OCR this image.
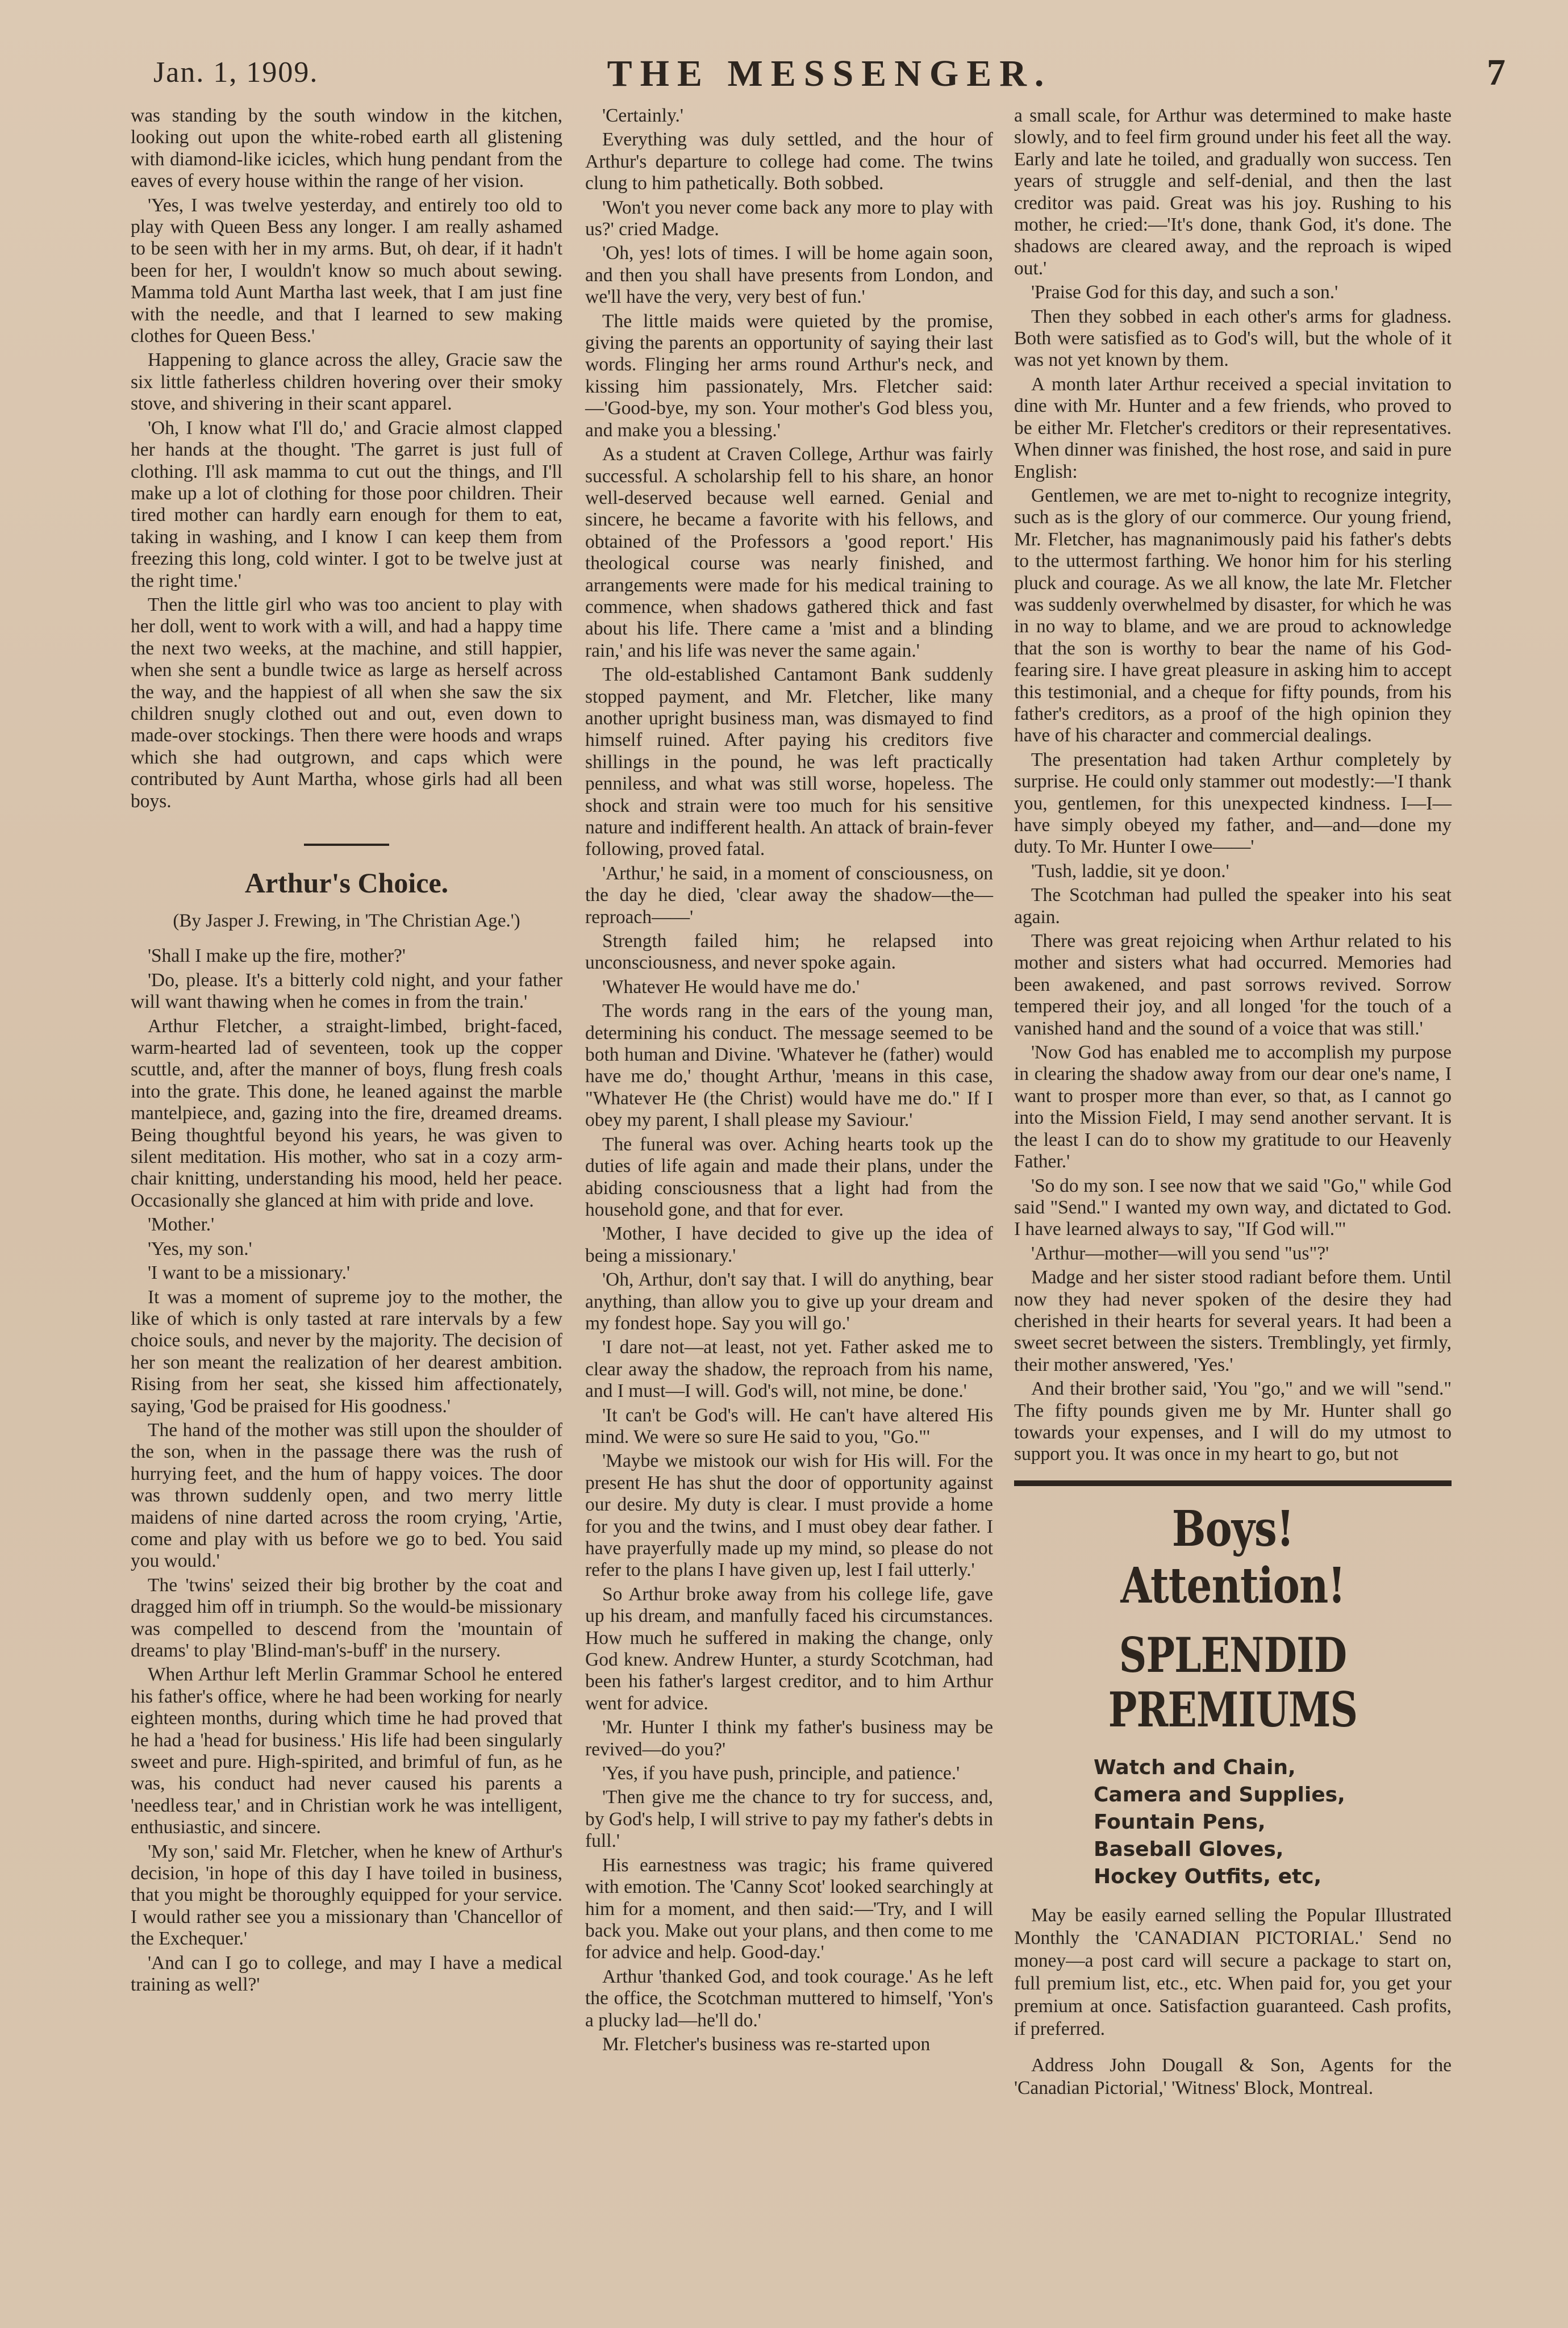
Jan. 1, 1909.	THE MESSENGER.	7

was standing by the south window in the kitchen, looking out upon the white-robed earth all glistening with diamond-like icicles, which hung pendant from the eaves of every house within the range of her vision.

'Yes, I was twelve yesterday, and entirely too old to play with Queen Bess any longer. I am really ashamed to be seen with her in my arms. But, oh dear, if it hadn't been for her, I wouldn't know so much about sewing. Mamma told Aunt Martha last week, that I am just fine with the needle, and that I learned to sew making clothes for Queen Bess.'

Happening to glance across the alley, Gracie saw the six little fatherless children hovering over their smoky stove, and shivering in their scant apparel.

'Oh, I know what I'll do,' and Gracie almost clapped her hands at the thought. 'The garret is just full of clothing. I'll ask mamma to cut out the things, and I'll make up a lot of clothing for those poor children. Their tired mother can hardly earn enough for them to eat, taking in washing, and I know I can keep them from freezing this long, cold winter. I got to be twelve just at the right time.'

Then the little girl who was too ancient to play with her doll, went to work with a will, and had a happy time the next two weeks, at the machine, and still happier, when she sent a bundle twice as large as herself across the way, and the happiest of all when she saw the six children snugly clothed out and out, even down to made-over stockings. Then there were hoods and wraps which she had outgrown, and caps which were contributed by Aunt Martha, whose girls had all been boys.

Arthur's Choice.
(By Jasper J. Frewing, in 'The Christian Age.')

'Shall I make up the fire, mother?'

'Do, please. It's a bitterly cold night, and your father will want thawing when he comes in from the train.'

Arthur Fletcher, a straight-limbed, bright-faced, warm-hearted lad of seventeen, took up the copper scuttle, and, after the manner of boys, flung fresh coals into the grate. This done, he leaned against the marble mantelpiece, and, gazing into the fire, dreamed dreams. Being thoughtful beyond his years, he was given to silent meditation. His mother, who sat in a cozy arm-chair knitting, understanding his mood, held her peace. Occasionally she glanced at him with pride and love.

'Mother.'

'Yes, my son.'

'I want to be a missionary.'

It was a moment of supreme joy to the mother, the like of which is only tasted at rare intervals by a few choice souls, and never by the majority. The decision of her son meant the realization of her dearest ambition. Rising from her seat, she kissed him affectionately, saying, 'God be praised for His goodness.'

The hand of the mother was still upon the shoulder of the son, when in the passage there was the rush of hurrying feet, and the hum of happy voices. The door was thrown suddenly open, and two merry little maidens of nine darted across the room crying, 'Artie, come and play with us before we go to bed. You said you would.'

The 'twins' seized their big brother by the coat and dragged him off in triumph. So the would-be missionary was compelled to descend from the 'mountain of dreams' to play 'Blind-man's-buff' in the nursery.

When Arthur left Merlin Grammar School he entered his father's office, where he had been working for nearly eighteen months, during which time he had proved that he had a 'head for business.' His life had been singularly sweet and pure. High-spirited, and brimful of fun, as he was, his conduct had never caused his parents a 'needless tear,' and in Christian work he was intelligent, enthusiastic, and sincere.

'My son,' said Mr. Fletcher, when he knew of Arthur's decision, 'in hope of this day I have toiled in business, that you might be thoroughly equipped for your service. I would rather see you a missionary than 'Chancellor of the Exchequer.'

'And can I go to college, and may I have a medical training as well?'

'Certainly.'

Everything was duly settled, and the hour of Arthur's departure to college had come. The twins clung to him pathetically. Both sobbed.

'Won't you never come back any more to play with us?' cried Madge.

'Oh, yes! lots of times. I will be home again soon, and then you shall have presents from London, and we'll have the very, very best of fun.'

The little maids were quieted by the promise, giving the parents an opportunity of saying their last words. Flinging her arms round Arthur's neck, and kissing him passionately, Mrs. Fletcher said:—'Good-bye, my son. Your mother's God bless you, and make you a blessing.'

As a student at Craven College, Arthur was fairly successful. A scholarship fell to his share, an honor well-deserved because well earned. Genial and sincere, he became a favorite with his fellows, and obtained of the Professors a 'good report.' His theological course was nearly finished, and arrangements were made for his medical training to commence, when shadows gathered thick and fast about his life. There came a 'mist and a blinding rain,' and his life was never the same again.'

The old-established Cantamont Bank suddenly stopped payment, and Mr. Fletcher, like many another upright business man, was dismayed to find himself ruined. After paying his creditors five shillings in the pound, he was left practically penniless, and what was still worse, hopeless. The shock and strain were too much for his sensitive nature and indifferent health. An attack of brain-fever following, proved fatal.

'Arthur,' he said, in a moment of consciousness, on the day he died, 'clear away the shadow—the—reproach——'

Strength failed him; he relapsed into unconsciousness, and never spoke again.

'Whatever He would have me do.'

The words rang in the ears of the young man, determining his conduct. The message seemed to be both human and Divine. 'Whatever he (father) would have me do,' thought Arthur, 'means in this case, "Whatever He (the Christ) would have me do." If I obey my parent, I shall please my Saviour.'

The funeral was over. Aching hearts took up the duties of life again and made their plans, under the abiding consciousness that a light had from the household gone, and that for ever.

'Mother, I have decided to give up the idea of being a missionary.'

'Oh, Arthur, don't say that. I will do anything, bear anything, than allow you to give up your dream and my fondest hope. Say you will go.'

'I dare not—at least, not yet. Father asked me to clear away the shadow, the reproach from his name, and I must—I will. God's will, not mine, be done.'

'It can't be God's will. He can't have altered His mind. We were so sure He said to you, "Go."'

'Maybe we mistook our wish for His will. For the present He has shut the door of opportunity against our desire. My duty is clear. I must provide a home for you and the twins, and I must obey dear father. I have prayerfully made up my mind, so please do not refer to the plans I have given up, lest I fail utterly.'

So Arthur broke away from his college life, gave up his dream, and manfully faced his circumstances. How much he suffered in making the change, only God knew. Andrew Hunter, a sturdy Scotchman, had been his father's largest creditor, and to him Arthur went for advice.

'Mr. Hunter I think my father's business may be revived—do you?'

'Yes, if you have push, principle, and patience.'

'Then give me the chance to try for success, and, by God's help, I will strive to pay my father's debts in full.'

His earnestness was tragic; his frame quivered with emotion. The 'Canny Scot' looked searchingly at him for a moment, and then said:—'Try, and I will back you. Make out your plans, and then come to me for advice and help. Good-day.'

Arthur 'thanked God, and took courage.' As he left the office, the Scotchman muttered to himself, 'Yon's a plucky lad—he'll do.'

Mr. Fletcher's business was re-started upon

a small scale, for Arthur was determined to make haste slowly, and to feel firm ground under his feet all the way. Early and late he toiled, and gradually won success. Ten years of struggle and self-denial, and then the last creditor was paid. Great was his joy. Rushing to his mother, he cried:—'It's done, thank God, it's done. The shadows are cleared away, and the reproach is wiped out.'

'Praise God for this day, and such a son.'

Then they sobbed in each other's arms for gladness. Both were satisfied as to God's will, but the whole of it was not yet known by them.

A month later Arthur received a special invitation to dine with Mr. Hunter and a few friends, who proved to be either Mr. Fletcher's creditors or their representatives. When dinner was finished, the host rose, and said in pure English:

Gentlemen, we are met to-night to recognize integrity, such as is the glory of our commerce. Our young friend, Mr. Fletcher, has magnanimously paid his father's debts to the uttermost farthing. We honor him for his sterling pluck and courage. As we all know, the late Mr. Fletcher was suddenly overwhelmed by disaster, for which he was in no way to blame, and we are proud to acknowledge that the son is worthy to bear the name of his God-fearing sire. I have great pleasure in asking him to accept this testimonial, and a cheque for fifty pounds, from his father's creditors, as a proof of the high opinion they have of his character and commercial dealings.

The presentation had taken Arthur completely by surprise. He could only stammer out modestly:—'I thank you, gentlemen, for this unexpected kindness. I—I—have simply obeyed my father, and—and—done my duty. To Mr. Hunter I owe——'

'Tush, laddie, sit ye doon.'

The Scotchman had pulled the speaker into his seat again.

There was great rejoicing when Arthur related to his mother and sisters what had occurred. Memories had been awakened, and past sorrows revived. Sorrow tempered their joy, and all longed 'for the touch of a vanished hand and the sound of a voice that was still.'

'Now God has enabled me to accomplish my purpose in clearing the shadow away from our dear one's name, I want to prosper more than ever, so that, as I cannot go into the Mission Field, I may send another servant. It is the least I can do to show my gratitude to our Heavenly Father.'

'So do my son. I see now that we said "Go," while God said "Send." I wanted my own way, and dictated to God. I have learned always to say, "If God will."'

'Arthur—mother—will you send "us"?'

Madge and her sister stood radiant before them. Until now they had never spoken of the desire they had cherished in their hearts for several years. It had been a sweet secret between the sisters. Tremblingly, yet firmly, their mother answered, 'Yes.'

And their brother said, 'You "go," and we will "send." The fifty pounds given me by Mr. Hunter shall go towards your expenses, and I will do my utmost to support you. It was once in my heart to go, but not

Boys! Attention!
SPLENDID PREMIUMS
Watch and Chain,
Camera and Supplies,
Fountain Pens,
Baseball Gloves,
Hockey Outfits, etc,

May be easily earned selling the Popular Illustrated Monthly the 'CANADIAN PICTORIAL.' Send no money—a post card will secure a package to start on, full premium list, etc., etc. When paid for, you get your premium at once. Satisfaction guaranteed. Cash profits, if preferred.

Address John Dougall & Son, Agents for the 'Canadian Pictorial,' 'Witness' Block, Montreal.
